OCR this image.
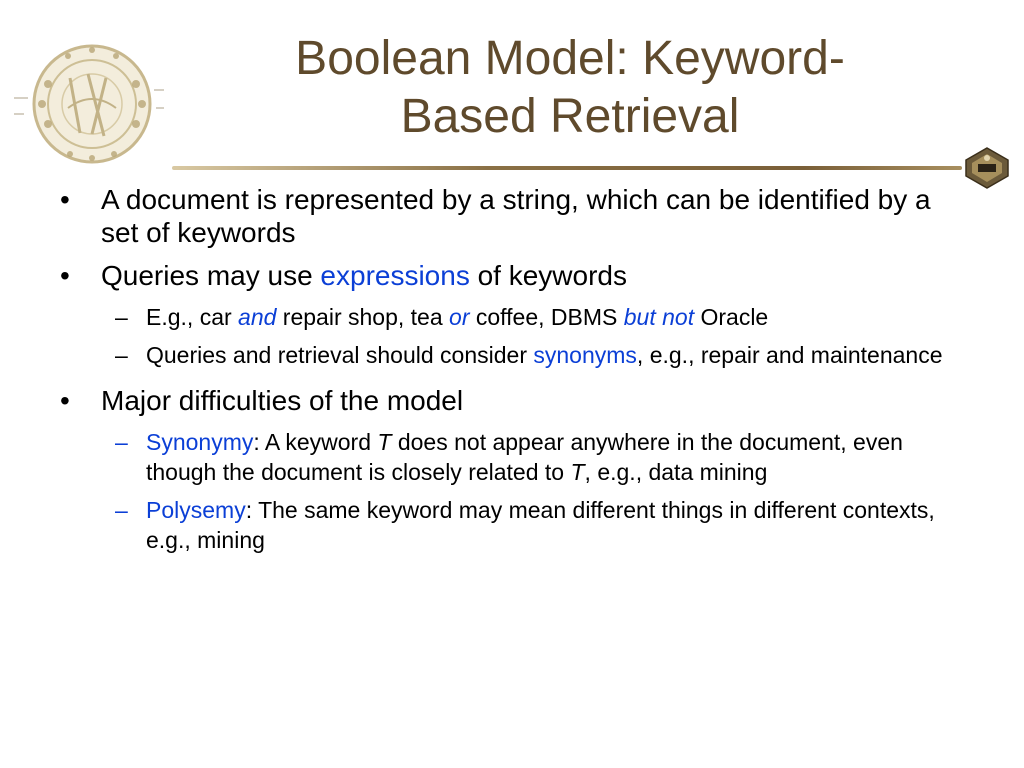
Boolean Model: Keyword-
Based Retrieval
• A document is represented by a string, which can be identified by a set of keywords
• Queries may use expressions of keywords
– E.g., car and repair shop, tea or coffee, DBMS but not Oracle
– Queries and retrieval should consider synonyms, e.g., repair and maintenance
• Major difficulties of the model
– Synonymy: A keyword T does not appear anywhere in the document, even though the document is closely related to T, e.g., data mining
– Polysemy: The same keyword may mean different things in different contexts, e.g., mining
